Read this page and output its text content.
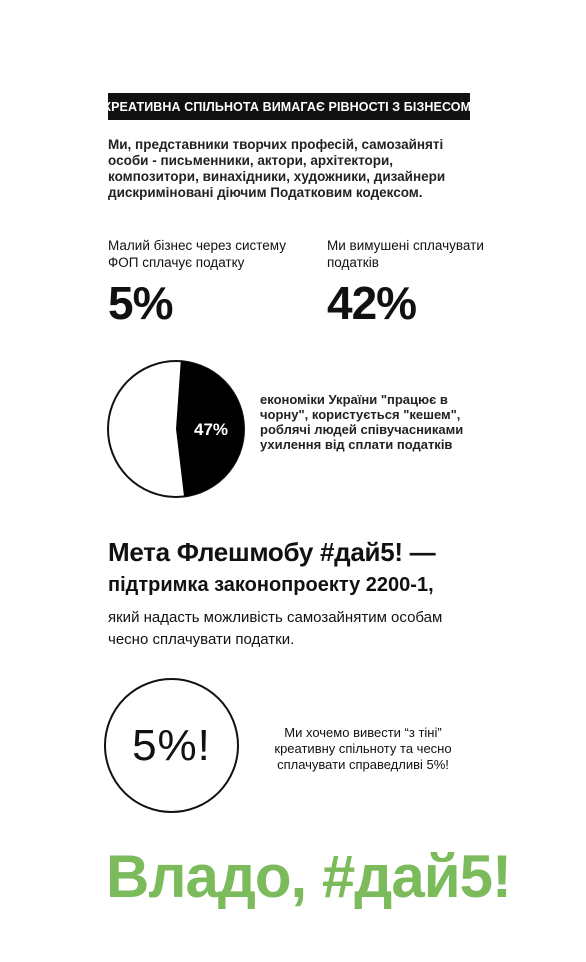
КРЕАТИВНА СПІЛЬНОТА ВИМАГАЄ РІВНОСТІ З БІЗНЕСОМ.
Ми, представники творчих професій, самозайняті особи - письменники, актори, архітектори, композитори, винахідники, художники, дизайнери дискриміновані діючим Податковим кодексом.
Малий бізнес через систему ФОП сплачує податку
Ми вимушені сплачувати податків
5%	42%
47%
економіки України "працює в чорну", користується "кешем", роблячі людей співучасниками ухилення від сплати податків
Мета Флешмобу #дай5! —
підтримка законопроекту 2200-1,
який надасть можливість самозайнятим особам чесно сплачувати податки.
5%!	Ми хочемо вивести “з тіні” креативну спільноту та чесно сплачувати справедливі 5%!
Владо, #дай5!
